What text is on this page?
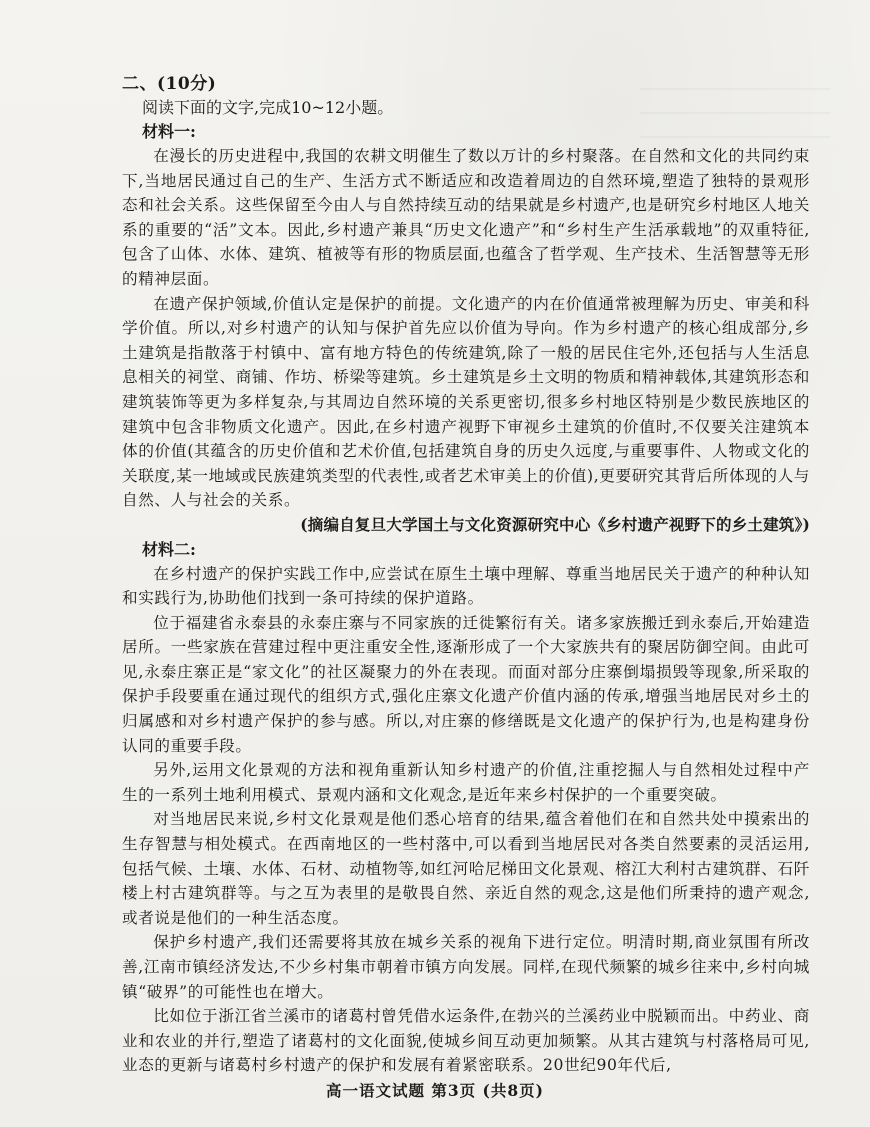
二、(10分)

阅读下面的文字,完成10~12小题。

材料一:

在漫长的历史进程中,我国的农耕文明催生了数以万计的乡村聚落。在自然和文化的共同约束下,当地居民通过自己的生产、生活方式不断适应和改造着周边的自然环境,塑造了独特的景观形态和社会关系。这些保留至今由人与自然持续互动的结果就是乡村遗产,也是研究乡村地区人地关系的重要的“活”文本。因此,乡村遗产兼具“历史文化遗产”和“乡村生产生活承载地”的双重特征,包含了山体、水体、建筑、植被等有形的物质层面,也蕴含了哲学观、生产技术、生活智慧等无形的精神层面。

在遗产保护领域,价值认定是保护的前提。文化遗产的内在价值通常被理解为历史、审美和科学价值。所以,对乡村遗产的认知与保护首先应以价值为导向。作为乡村遗产的核心组成部分,乡土建筑是指散落于村镇中、富有地方特色的传统建筑,除了一般的居民住宅外,还包括与人生活息息相关的祠堂、商铺、作坊、桥梁等建筑。乡土建筑是乡土文明的物质和精神载体,其建筑形态和建筑装饰等更为多样复杂,与其周边自然环境的关系更密切,很多乡村地区特别是少数民族地区的建筑中包含非物质文化遗产。因此,在乡村遗产视野下审视乡土建筑的价值时,不仅要关注建筑本体的价值(其蕴含的历史价值和艺术价值,包括建筑自身的历史久远度,与重要事件、人物或文化的关联度,某一地域或民族建筑类型的代表性,或者艺术审美上的价值),更要研究其背后所体现的人与自然、人与社会的关系。

(摘编自复旦大学国土与文化资源研究中心《乡村遗产视野下的乡土建筑》)

材料二:

在乡村遗产的保护实践工作中,应尝试在原生土壤中理解、尊重当地居民关于遗产的种种认知和实践行为,协助他们找到一条可持续的保护道路。

位于福建省永泰县的永泰庄寨与不同家族的迁徙繁衍有关。诸多家族搬迁到永泰后,开始建造居所。一些家族在营建过程中更注重安全性,逐渐形成了一个大家族共有的聚居防御空间。由此可见,永泰庄寨正是“家文化”的社区凝聚力的外在表现。而面对部分庄寨倒塌损毁等现象,所采取的保护手段要重在通过现代的组织方式,强化庄寨文化遗产价值内涵的传承,增强当地居民对乡土的归属感和对乡村遗产保护的参与感。所以,对庄寨的修缮既是文化遗产的保护行为,也是构建身份认同的重要手段。

另外,运用文化景观的方法和视角重新认知乡村遗产的价值,注重挖掘人与自然相处过程中产生的一系列土地利用模式、景观内涵和文化观念,是近年来乡村保护的一个重要突破。

对当地居民来说,乡村文化景观是他们悉心培育的结果,蕴含着他们在和自然共处中摸索出的生存智慧与相处模式。在西南地区的一些村落中,可以看到当地居民对各类自然要素的灵活运用,包括气候、土壤、水体、石材、动植物等,如红河哈尼梯田文化景观、榕江大利村古建筑群、石阡楼上村古建筑群等。与之互为表里的是敬畏自然、亲近自然的观念,这是他们所秉持的遗产观念,或者说是他们的一种生活态度。

保护乡村遗产,我们还需要将其放在城乡关系的视角下进行定位。明清时期,商业氛围有所改善,江南市镇经济发达,不少乡村集市朝着市镇方向发展。同样,在现代频繁的城乡往来中,乡村向城镇“破界”的可能性也在增大。

比如位于浙江省兰溪市的诸葛村曾凭借水运条件,在勃兴的兰溪药业中脱颖而出。中药业、商业和农业的并行,塑造了诸葛村的文化面貌,使城乡间互动更加频繁。从其古建筑与村落格局可见,业态的更新与诸葛村乡村遗产的保护和发展有着紧密联系。20世纪90年代后,

高一语文试题 第3页 (共8页)
